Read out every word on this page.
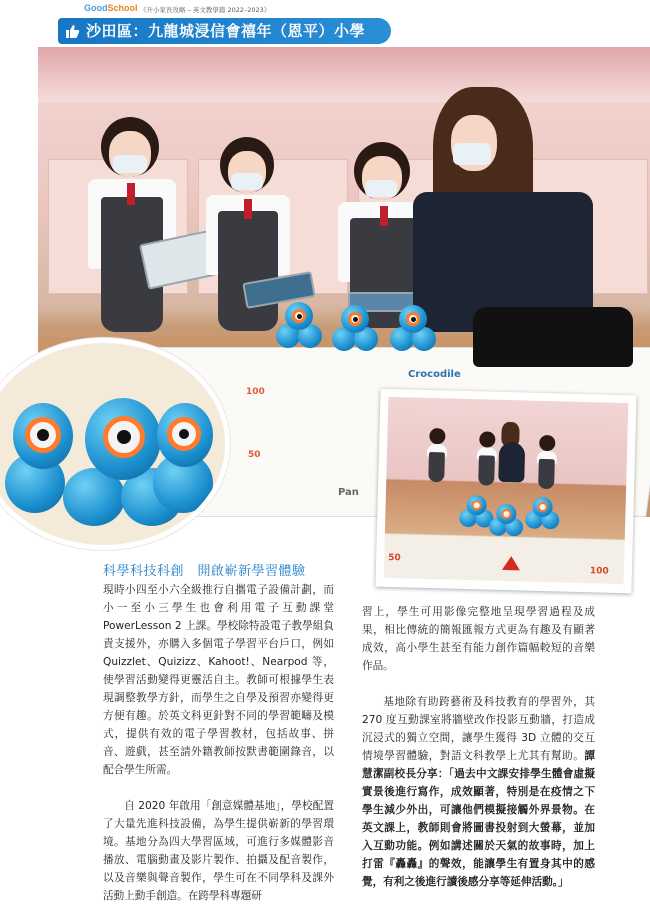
GoodSchool 《升小家長攻略 – 英文教學篇 2022–2023》
沙田區：九龍城浸信會禧年（恩平）小學
100
50
Crocodile
Pan
50
100
科學科技科創　開啟嶄新學習體驗

現時小四至小六全級推行自攜電子設備計劃，而小一至小三學生也會利用電子互動課堂 PowerLesson 2 上課。學校除特設電子教學組負責支援外，亦購入多個電子學習平台戶口，例如 Quizzlet、Quizizz、Kahoot!、Nearpod 等，使學習活動變得更靈活自主。教師可根據學生表現調整教學方針，而學生之自學及預習亦變得更方便有趣。於英文科更針對不同的學習範疇及模式，提供有效的電子學習教材，包括故事、拼音、遊戲，甚至請外籍教師按默書範圍錄音，以配合學生所需。

自 2020 年啟用「創意媒體基地」，學校配置了大量先進科技設備，為學生提供嶄新的學習環境。基地分為四大學習區域，可進行多媒體影音播放、電腦動畫及影片製作、拍攝及配音製作，以及音樂與聲音製作，學生可在不同學科及課外活動上動手創造。在跨學科專題研

習上，學生可用影像完整地呈現學習過程及成果，相比傳統的簡報匯報方式更為有趣及有顯著成效，高小學生甚至有能力創作篇幅較短的音樂作品。

基地除有助跨藝術及科技教育的學習外，其 270 度互動課室將牆壁改作投影互動牆，打造成沉浸式的獨立空間，讓學生獲得 3D 立體的交互情境學習體驗，對語文科教學上尤其有幫助。譚慧潔副校長分享：「過去中文課安排學生體會虛擬實景後進行寫作，成效顯著，特別是在疫情之下學生減少外出，可讓他們模擬接觸外界景物。在英文課上，教師則會將圖書投射到大螢幕，並加入互動功能。例如講述關於天氣的故事時，加上打雷『轟轟』的聲效，能讓學生有置身其中的感覺，有利之後進行讀後感分享等延伸活動。」
